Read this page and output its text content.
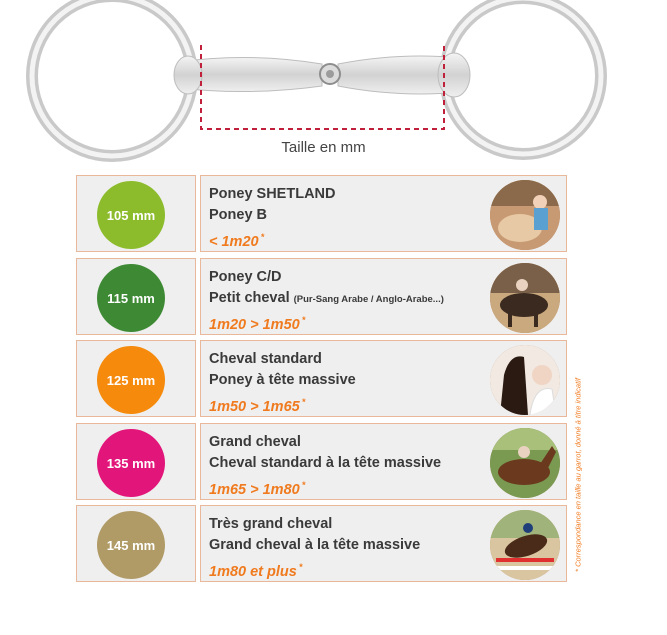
Taille en mm
105 mm
Poney SHETLAND
Poney B
< 1m20 *
115 mm
Poney C/D
Petit cheval (Pur-Sang Arabe / Anglo-Arabe...)
1m20 > 1m50 *
125 mm
Cheval standard
Poney à tête massive
1m50 > 1m65 *
135 mm
Grand cheval
Cheval standard à la tête massive
1m65 > 1m80 *
145 mm
Très grand cheval
Grand cheval à la tête massive
1m80 et plus *	* Correspondance en taille au garrot, donné à titre indicatif
